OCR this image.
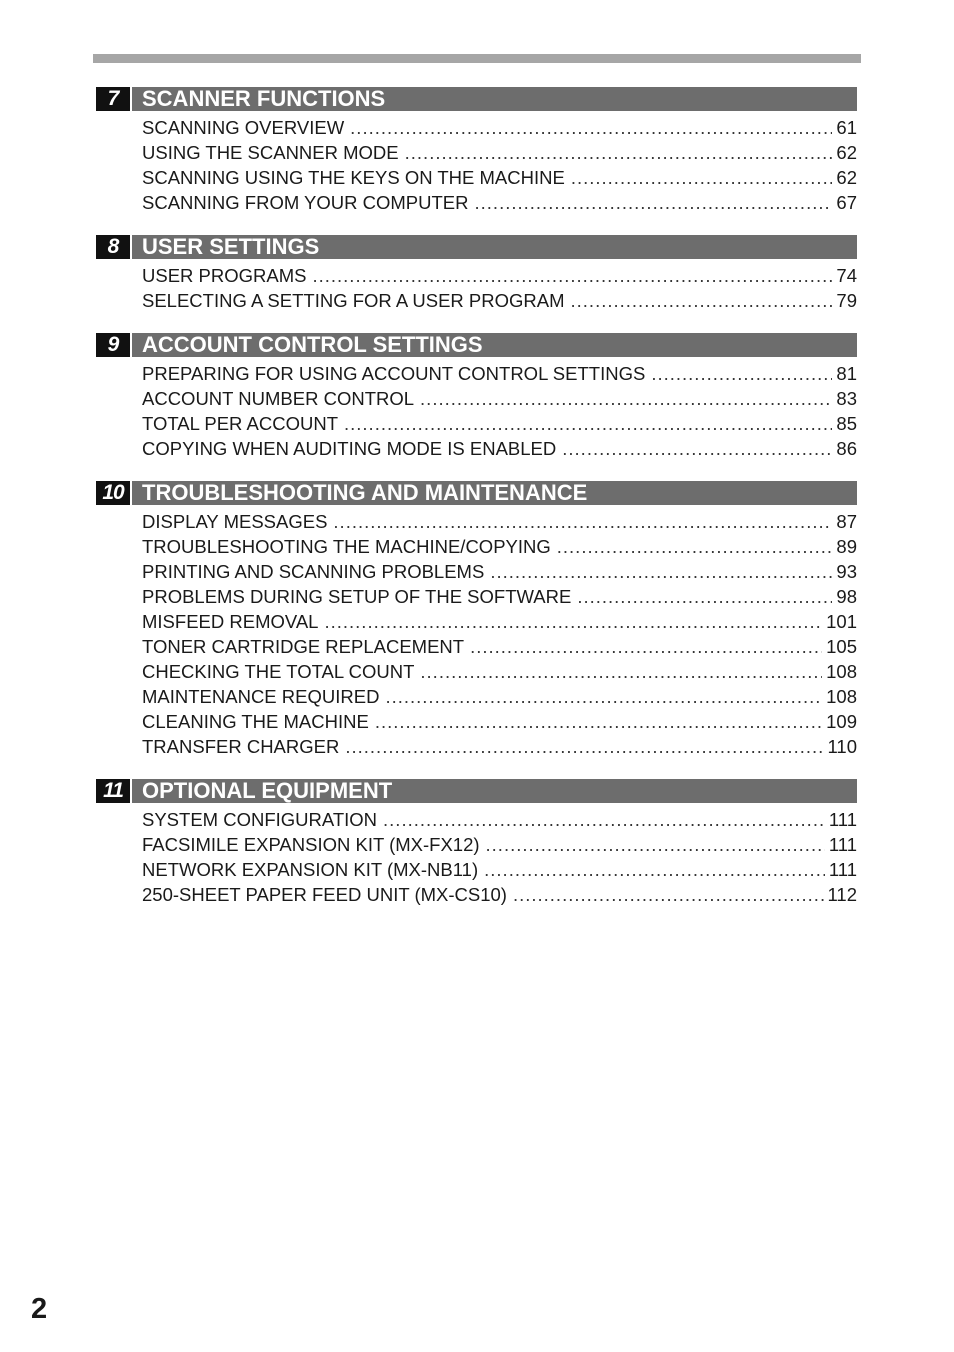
7	SCANNER FUNCTIONS
SCANNING OVERVIEW .....	61
USING THE SCANNER MODE .....	62
SCANNING USING THE KEYS ON THE MACHINE .....	62
SCANNING FROM YOUR COMPUTER .....	67
8	USER SETTINGS
USER PROGRAMS .....	74
SELECTING A SETTING FOR A USER PROGRAM .....	79
9	ACCOUNT CONTROL SETTINGS
PREPARING FOR USING ACCOUNT CONTROL SETTINGS .....	81
ACCOUNT NUMBER CONTROL .....	83
TOTAL PER ACCOUNT .....	85
COPYING WHEN AUDITING MODE IS ENABLED .....	86
10 TROUBLESHOOTING AND MAINTENANCE
DISPLAY MESSAGES .....	87
TROUBLESHOOTING THE MACHINE/COPYING .....	89
PRINTING AND SCANNING PROBLEMS .....	93
PROBLEMS DURING SETUP OF THE SOFTWARE .....	98
MISFEED REMOVAL .....	101
TONER CARTRIDGE REPLACEMENT .....	105
CHECKING THE TOTAL COUNT .....	108
MAINTENANCE REQUIRED .....	108
CLEANING THE MACHINE .....	109
TRANSFER CHARGER .....	110
11 OPTIONAL EQUIPMENT
SYSTEM CONFIGURATION .....	111
FACSIMILE EXPANSION KIT (MX-FX12) .....	111
NETWORK EXPANSION KIT (MX-NB11) .....	111
250-SHEET PAPER FEED UNIT (MX-CS10) .....	112
2
